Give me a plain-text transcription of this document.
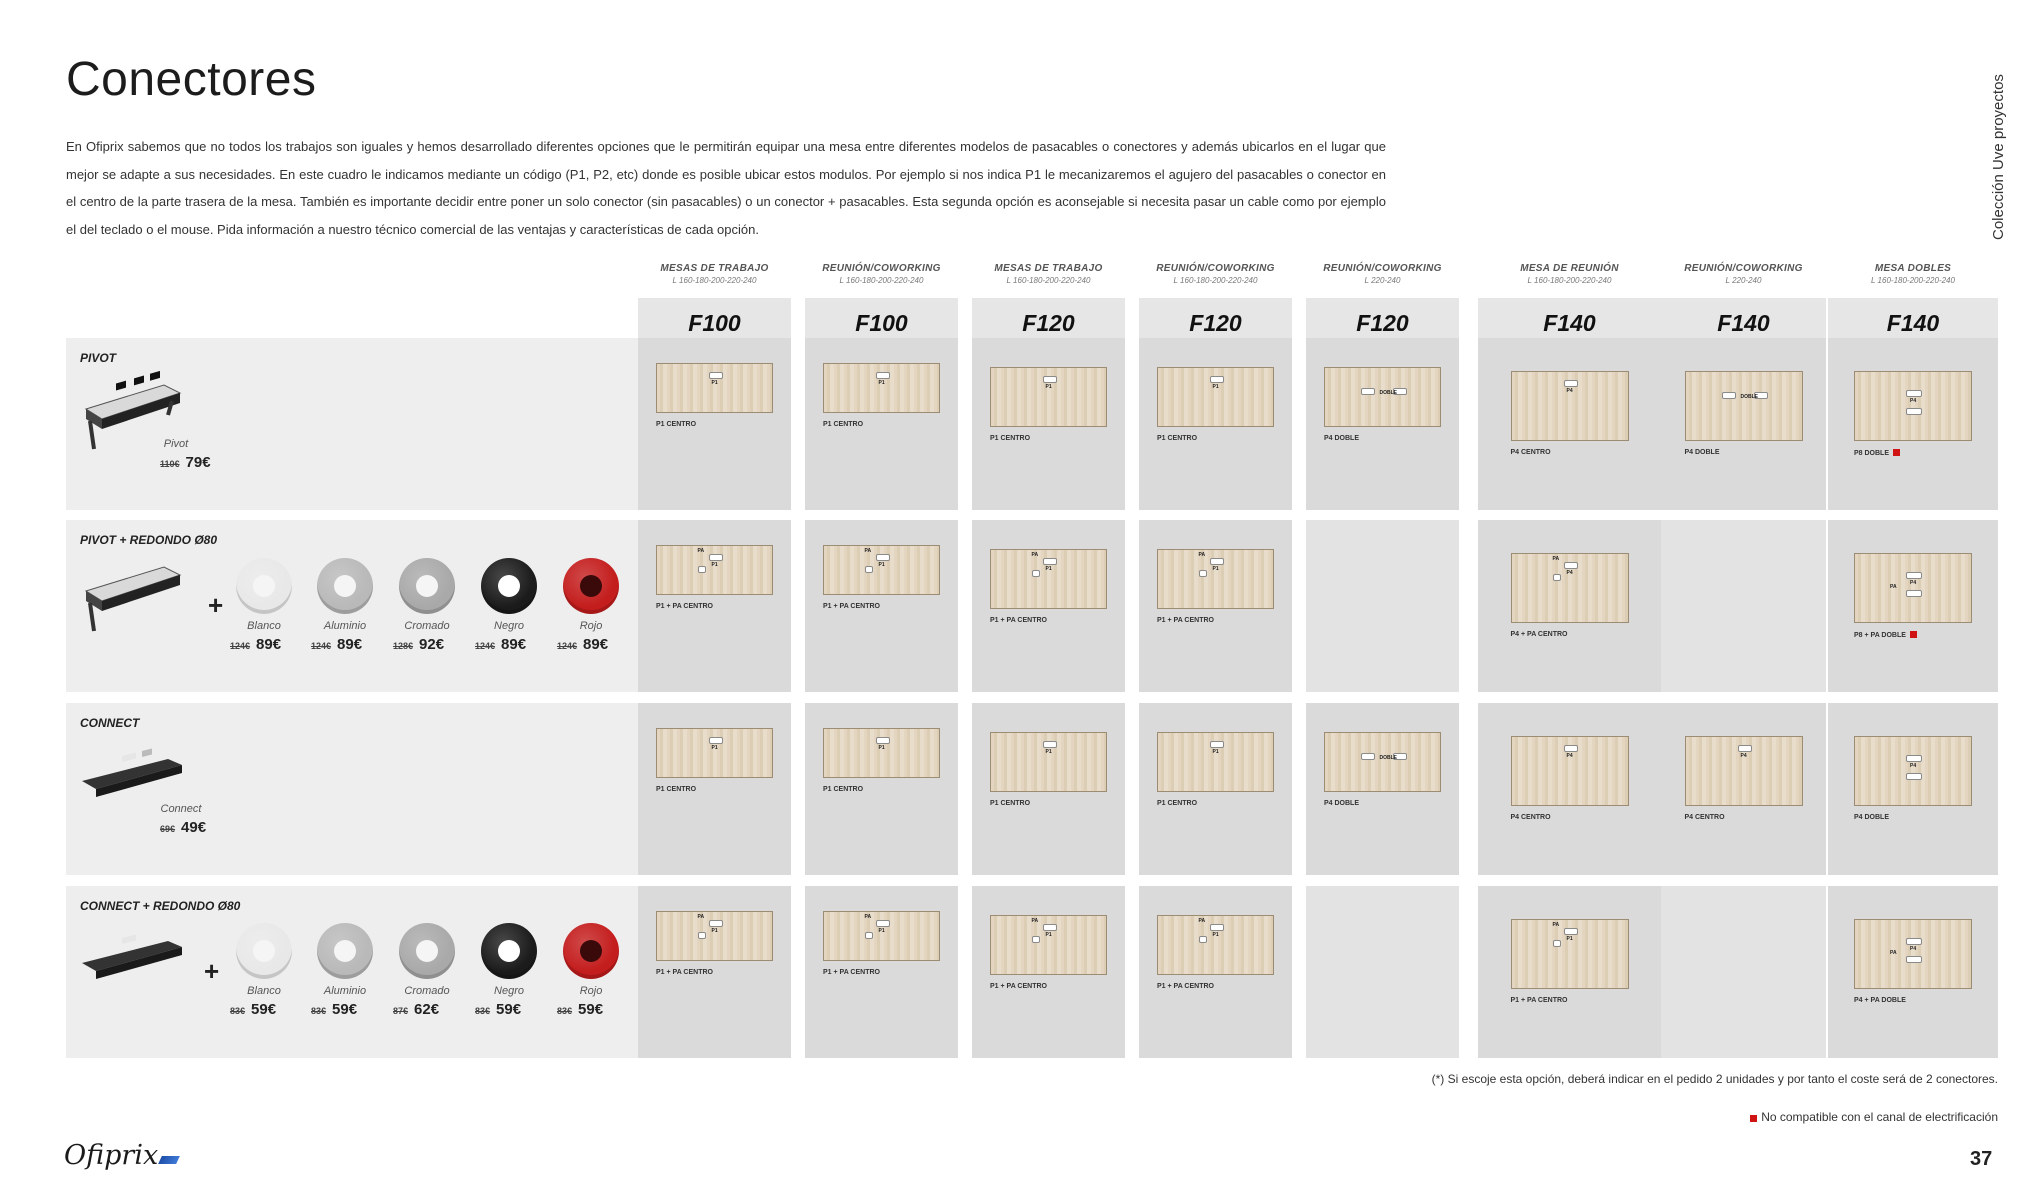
Conectores
En Ofiprix sabemos que no todos los trabajos son iguales y hemos desarrollado diferentes opciones que le permitirán equipar una mesa entre diferentes modelos de pasacables o conectores y además ubicarlos en el lugar que mejor se adapte a sus necesidades. En este cuadro le indicamos mediante un código (P1, P2, etc) donde es posible ubicar estos modulos. Por ejemplo si nos indica P1 le mecanizaremos el agujero del pasacables o conector en el centro de la parte trasera de la mesa. También es importante decidir entre poner un solo conector (sin pasacables) o un conector + pasacables. Esta segunda opción es aconsejable si necesita pasar un cable como por ejemplo el del teclado o el mouse. Pida información a nuestro técnico comercial de las ventajas y características de cada opción.	Colección Uve proyectos
PIVOT
PIVOT + REDONDO Ø80
CONNECT
CONNECT + REDONDO Ø80
Pivot
110€ 79€
+
Blanco
124€ 89€
Aluminio
124€ 89€
Cromado
128€ 92€
Negro
124€ 89€
Rojo
124€ 89€
Connect
69€ 49€
+
Blanco
83€ 59€
Aluminio
83€ 59€
Cromado
87€ 62€
Negro
83€ 59€
Rojo
83€ 59€
MESAS DE TRABAJO
L 160-180-200-220-240
F100
P1
P1 CENTRO
P1
PA
P1 + PA CENTRO
P1
P1 CENTRO
P1
PA
P1 + PA CENTRO
REUNIÓN/COWORKING
L 160-180-200-220-240
F100
P1
P1 CENTRO
P1
PA
P1 + PA CENTRO
P1
P1 CENTRO
P1
PA
P1 + PA CENTRO
MESAS DE TRABAJO
L 160-180-200-220-240
F120
P1
P1 CENTRO
P1
PA
P1 + PA CENTRO
P1
P1 CENTRO
P1
PA
P1 + PA CENTRO
REUNIÓN/COWORKING
L 160-180-200-220-240
F120
P1
P1 CENTRO
P1
PA
P1 + PA CENTRO
P1
P1 CENTRO
P1
PA
P1 + PA CENTRO
REUNIÓN/COWORKING
L 220-240
F120
DOBLE
P4 DOBLE
DOBLE
P4 DOBLE
MESA DE REUNIÓN
L 160-180-200-220-240
F140
P4
P4 CENTRO
P4
PA
P4 + PA CENTRO
P4
P4 CENTRO
P1
PA
P1 + PA CENTRO
REUNIÓN/COWORKING
L 220-240
F140
DOBLE
P4 DOBLE
P4
P4 CENTRO
MESA DOBLES
L 160-180-200-220-240
F140
P4
P8 DOBLE
P4
PA
P8 + PA DOBLE
P4
P4 DOBLE
P4
PA
P4 + PA DOBLE
(*) Si escoje esta opción, deberá indicar en el pedido 2 unidades y por tanto el coste será de 2 conectores.
No compatible con el canal de electrificación
Ofiprix	37
